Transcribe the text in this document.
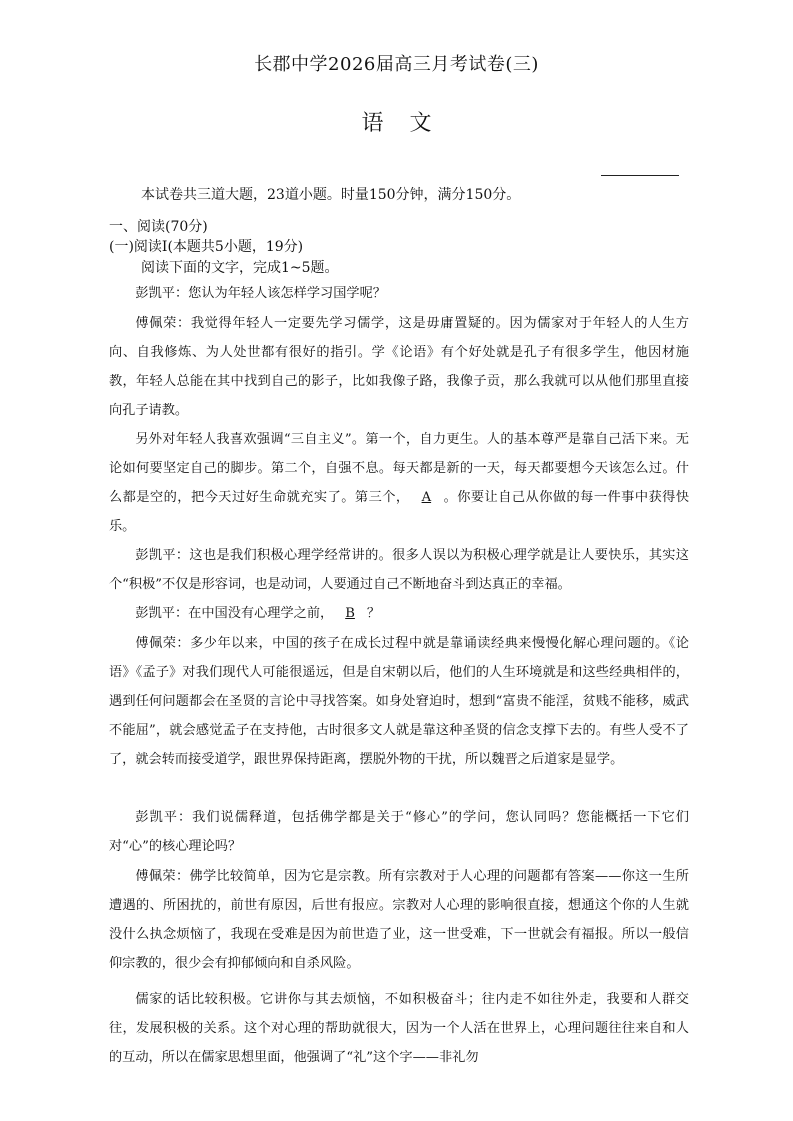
长郡中学2026届高三月考试卷(三)
语 文
本试卷共三道大题，23道小题。时量150分钟，满分150分。
一、阅读(70分)
(一)阅读Ⅰ(本题共5小题，19分)
阅读下面的文字，完成1~5题。

彭凯平：您认为年轻人该怎样学习国学呢？

傅佩荣：我觉得年轻人一定要先学习儒学，这是毋庸置疑的。因为儒家对于年轻人的人生方向、自我修炼、为人处世都有很好的指引。学《论语》有个好处就是孔子有很多学生，他因材施教，年轻人总能在其中找到自己的影子，比如我像子路，我像子贡，那么我就可以从他们那里直接向孔子请教。

另外对年轻人我喜欢强调“三自主义”。第一个，自力更生。人的基本尊严是靠自己活下来。无论如何要坚定自己的脚步。第二个，自强不息。每天都是新的一天，每天都要想今天该怎么过。什么都是空的，把今天过好生命就充实了。第三个， A 。你要让自己从你做的每一件事中获得快乐。

彭凯平：这也是我们积极心理学经常讲的。很多人误以为积极心理学就是让人要快乐，其实这个“积极”不仅是形容词，也是动词，人要通过自己不断地奋斗到达真正的幸福。

彭凯平：在中国没有心理学之前， B ？

傅佩荣：多少年以来，中国的孩子在成长过程中就是靠诵读经典来慢慢化解心理问题的。《论语》《孟子》对我们现代人可能很遥远，但是自宋朝以后，他们的人生环境就是和这些经典相伴的，遇到任何问题都会在圣贤的言论中寻找答案。如身处窘迫时，想到“富贵不能淫，贫贱不能移，威武不能屈”，就会感觉孟子在支持他，古时很多文人就是靠这种圣贤的信念支撑下去的。有些人受不了了，就会转而接受道学，跟世界保持距离，摆脱外物的干扰，所以魏晋之后道家是显学。

彭凯平：我们说儒释道，包括佛学都是关于“修心”的学问，您认同吗？您能概括一下它们对“心”的核心理论吗？

傅佩荣：佛学比较简单，因为它是宗教。所有宗教对于人心理的问题都有答案——你这一生所遭遇的、所困扰的，前世有原因，后世有报应。宗教对人心理的影响很直接，想通这个你的人生就没什么执念烦恼了，我现在受难是因为前世造了业，这一世受难，下一世就会有福报。所以一般信仰宗教的，很少会有抑郁倾向和自杀风险。

儒家的话比较积极。它讲你与其去烦恼，不如积极奋斗；往内走不如往外走，我要和人群交往，发展积极的关系。这个对心理的帮助就很大，因为一个人活在世界上，心理问题往往来自和人的互动，所以在儒家思想里面，他强调了“礼”这个字——非礼勿
